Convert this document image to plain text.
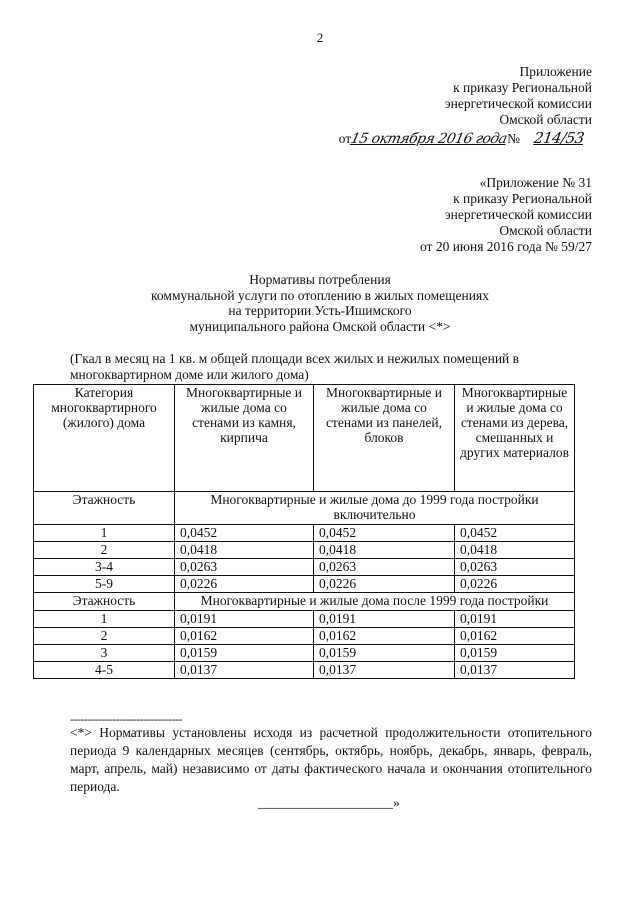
2
Приложение
к приказу Региональной
энергетической комиссии
Омской области
от15 октября 2016 года№ 214/53
«Приложение № 31
к приказу Региональной
энергетической комиссии
Омской области
от 20 июня 2016 года № 59/27
Нормативы потребления
коммунальной услуги по отоплению в жилых помещениях
на территории Усть-Ишимского
муниципального района Омской области <*>
(Гкал в месяц на 1 кв. м общей площади всех жилых и нежилых помещений в
многоквартирном доме или жилого дома)
Категория многоквартирного (жилого) дома	Многоквартирные и жилые дома со стенами из камня, кирпича	Многоквартирные и жилые дома со стенами из панелей, блоков	Многоквартирные и жилые дома со стенами из дерева, смешанных и других материалов
Этажность	Многоквартирные и жилые дома до 1999 года постройки включительно		
1	0,0452	0,0452	0,0452
2	0,0418	0,0418	0,0418
3-4	0,0263	0,0263	0,0263
5-9	0,0226	0,0226	0,0226
Этажность	Многоквартирные и жилые дома после 1999 года постройки		
1	0,0191	0,0191	0,0191
2	0,0162	0,0162	0,0162
3	0,0159	0,0159	0,0159
4-5	0,0137	0,0137	0,0137
--------------------------------
<*> Нормативы установлены исходя из расчетной продолжительности отопительного периода 9 календарных месяцев (сентябрь, октябрь, ноябрь, декабрь, январь, февраль, март, апрель, май) независимо от даты фактического начала и окончания отопительного периода.
____________________»
